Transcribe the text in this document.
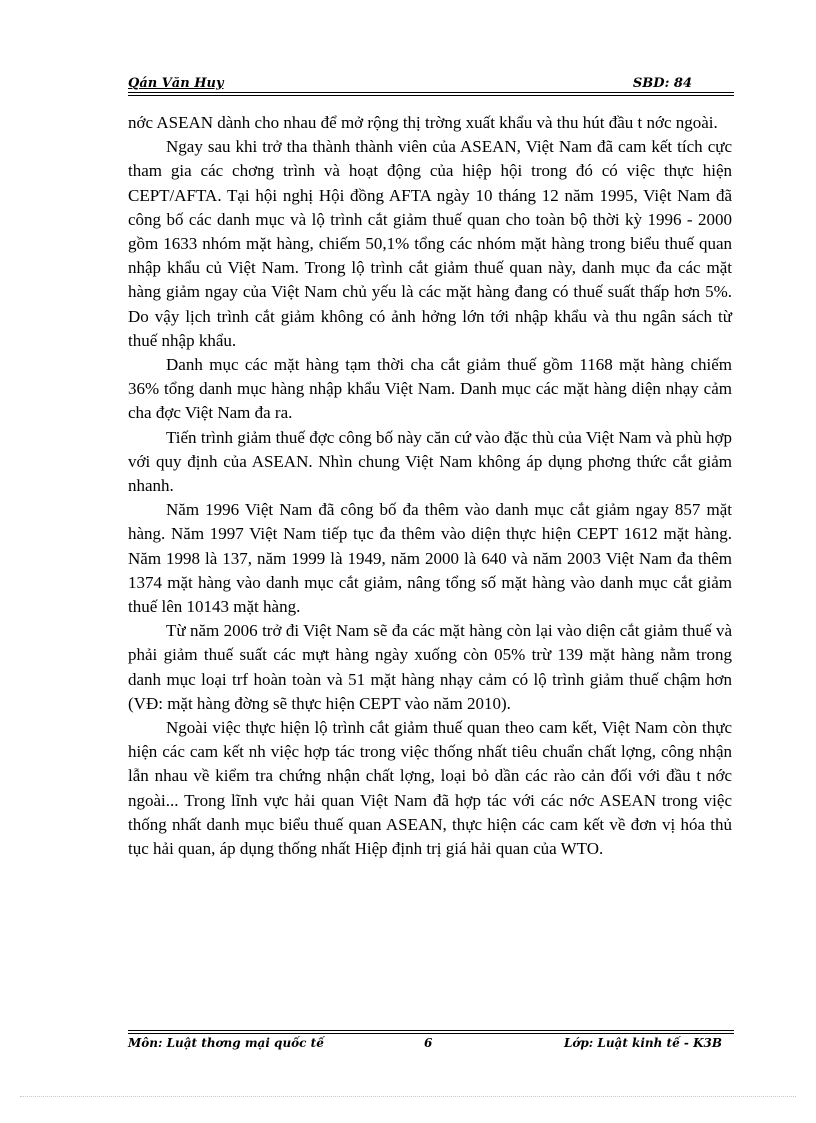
Qán Văn Huy	SBD: 84

nớc ASEAN dành cho nhau để mở rộng thị trờng xuất khẩu và thu hút đầu t nớc ngoài.

Ngay sau khi trở tha thành thành viên của ASEAN, Việt Nam đã cam kết tích cực tham gia các chơng trình và hoạt động của hiệp hội trong đó có việc thực hiện CEPT/AFTA. Tại hội nghị Hội đồng AFTA ngày 10 tháng 12 năm 1995, Việt Nam đã công bố các danh mục và lộ trình cắt giảm thuế quan cho toàn bộ thời kỳ 1996 - 2000 gồm 1633 nhóm mặt hàng, chiếm 50,1% tổng các nhóm mặt hàng trong biểu thuế quan nhập khẩu củ Việt Nam. Trong lộ trình cắt giảm thuế quan này, danh mục đa các mặt hàng giảm ngay của Việt Nam chủ yếu là các mặt hàng đang có thuế suất thấp hơn 5%. Do vậy lịch trình cắt giảm không có ảnh hởng lớn tới nhập khẩu và thu ngân sách từ thuế nhập khẩu.

Danh mục các mặt hàng tạm thời cha cắt giảm thuế gồm 1168 mặt hàng chiếm 36% tổng danh mục hàng nhập khẩu Việt Nam. Danh mục các mặt hàng diện nhạy cảm cha đợc Việt Nam đa ra.

Tiến trình giảm thuế đợc công bố này căn cứ vào đặc thù của Việt Nam và phù hợp với quy định của ASEAN. Nhìn chung Việt Nam không áp dụng phơng thức cắt giảm nhanh.

Năm 1996 Việt Nam đã công bố đa thêm vào danh mục cắt giảm ngay 857 mặt hàng. Năm 1997 Việt Nam tiếp tục đa thêm vào diện thực hiện CEPT 1612 mặt hàng. Năm 1998 là 137, năm 1999 là 1949, năm 2000 là 640 và năm 2003 Việt Nam đa thêm 1374 mặt hàng vào danh mục cắt giảm, nâng tổng số mặt hàng vào danh mục cắt giảm thuế lên 10143 mặt hàng.

Từ năm 2006 trở đi Việt Nam sẽ đa các mặt hàng còn lại vào diện cắt giảm thuế và phải giảm thuế suất các mựt hàng ngày xuống còn 05% trừ 139 mặt hàng nằm trong danh mục loại trf hoàn toàn và 51 mặt hàng nhạy cảm có lộ trình giảm thuế chậm hơn (VĐ: mặt hàng đờng sẽ thực hiện CEPT vào năm 2010).

Ngoài việc thực hiện lộ trình cắt giảm thuế quan theo cam kết, Việt Nam còn thực hiện các cam kết nh việc hợp tác trong việc thống nhất tiêu chuẩn chất lợng, công nhận lẫn nhau về kiểm tra chứng nhận chất lợng, loại bỏ dần các rào cản đối với đầu t nớc ngoài... Trong lĩnh vực hải quan Việt Nam đã hợp tác với các nớc ASEAN trong việc thống nhất danh mục biểu thuế quan ASEAN, thực hiện các cam kết về đơn vị hóa thủ tục hải quan, áp dụng thống nhất Hiệp định trị giá hải quan của WTO.

Môn: Luật thơng mại quốc tế	6	Lớp: Luật kinh tế - K3B
